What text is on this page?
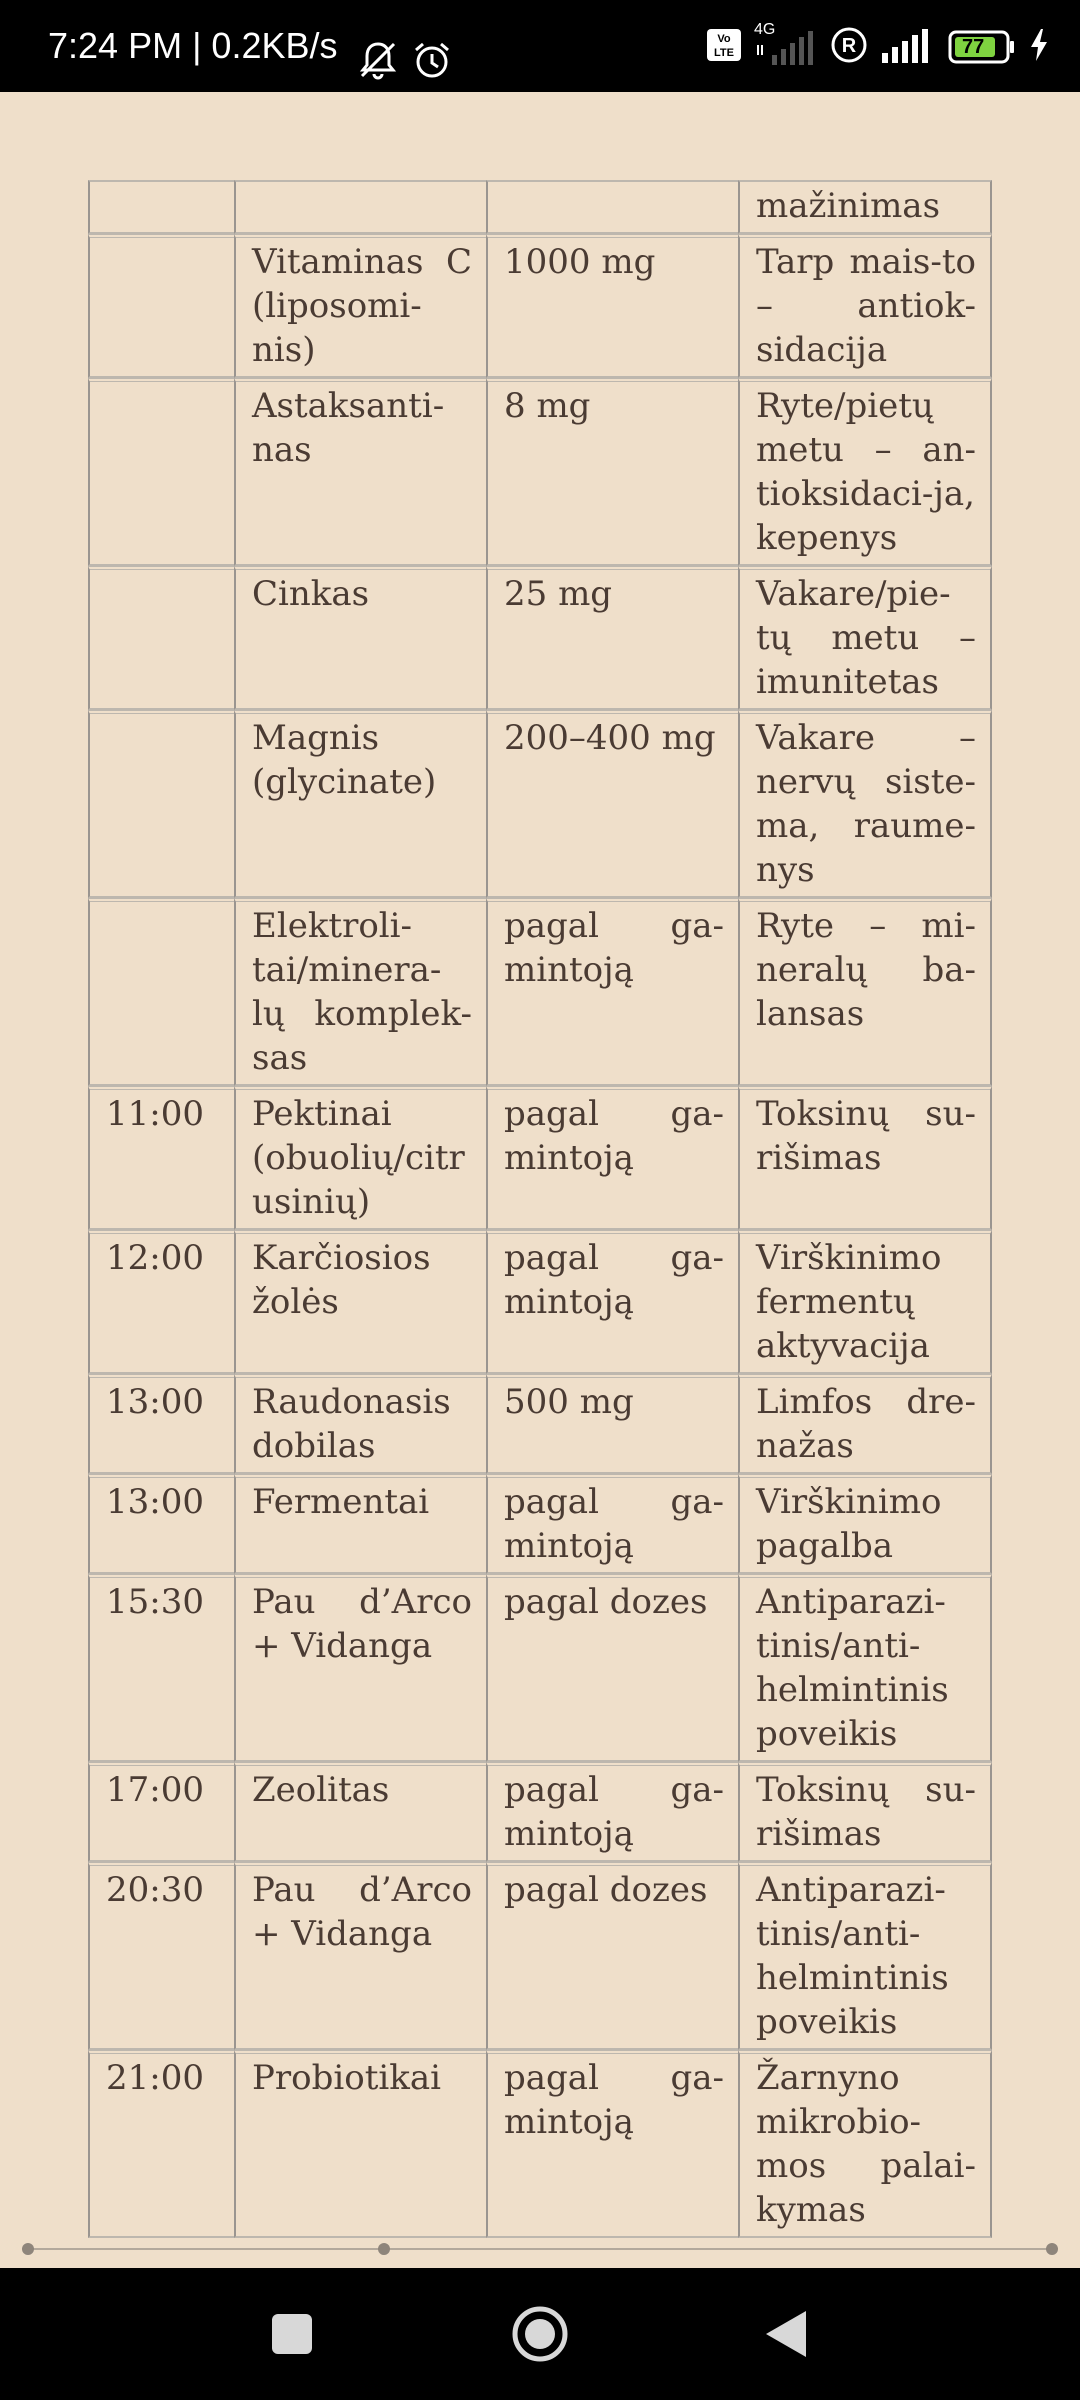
7:24 PM | 0.2KB/s	Vo
LTE
4G
R	77
			mažinimas
	Vitaminas C (liposomi-nis)	1000 mg	Tarp mais-to – antiok-sidacija
	Astaksanti-nas	8 mg	Ryte/pietų metu – an-tioksidaci-ja, kepenys
	Cinkas	25 mg	Vakare/pie-tų metu – imunitetas
	Magnis (glycinate)	200–400 mg	Vakare – nervų siste-ma, raume-nys
	Elektroli-tai/minera-lų komplek-sas	pagal ga-mintoją	Ryte – mi-neralų ba-lansas
11:00	Pektinai (obuolių/citr usinių)	pagal ga-mintoją	Toksinų su-rišimas
12:00	Karčiosios žolės	pagal ga-mintoją	Virškinimo fermentų aktyvacija
13:00	Raudonasis dobilas	500 mg	Limfos dre-nažas
13:00	Fermentai	pagal ga-mintoją	Virškinimo pagalba
15:30	Pau d’Arco + Vidanga	pagal dozes	Antiparazi-tinis/anti-helmintinis poveikis
17:00	Zeolitas	pagal ga-mintoją	Toksinų su-rišimas
20:30	Pau d’Arco + Vidanga	pagal dozes	Antiparazi-tinis/anti-helmintinis poveikis
21:00	Probiotikai	pagal ga-mintoją	Žarnyno mikrobio-mos palai-kymas
